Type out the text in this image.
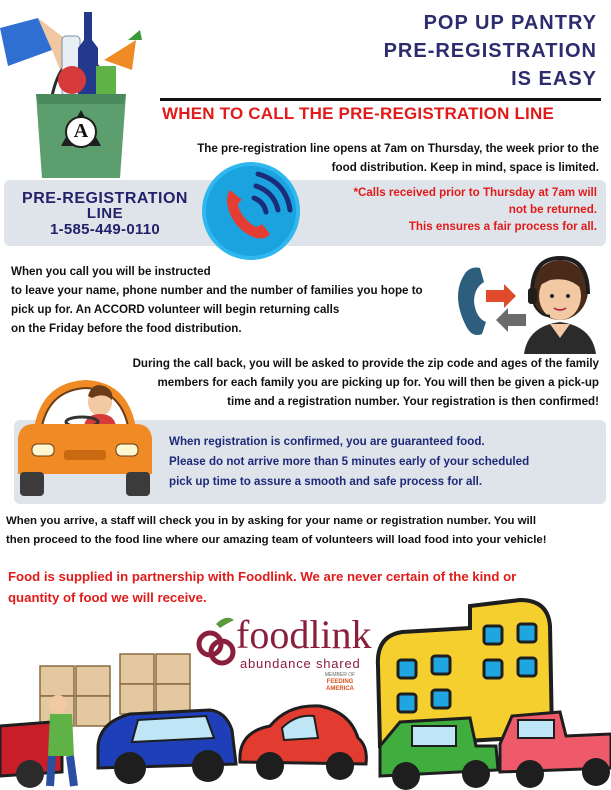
A
POP UP PANTRY
PRE-REGISTRATION
IS EASY
WHEN TO CALL THE PRE-REGISTRATION LINE
The pre-registration line opens at 7am on Thursday, the week prior to the
food distribution. Keep in mind, space is limited.
PRE-REGISTRATION
LINE
1-585-449-0110
*Calls received prior to Thursday at 7am will
not be returned.
This ensures a fair process for all.
When you call you will be instructed
to leave your name, phone number and the number of families you hope to
pick up for. An ACCORD volunteer will begin returning calls
on the Friday before the food distribution.
During the call back, you will be asked to provide the zip code and ages of the family
members for each family you are picking up for. You will then be given a pick-up
time and a registration number. Your registration is then confirmed!
When registration is confirmed, you are guaranteed food.
Please do not arrive more than 5 minutes early of your scheduled
pick up time to assure a smooth and safe process for all.
When you arrive, a staff will check you in by asking for your name or registration number. You will
then proceed to the food line where our amazing team of volunteers will load food into your vehicle!
Food is supplied in partnership with Foodlink. We are never certain of the kind or
quantity of food we will receive.
foodlink
abundance shared
MEMBER OF
FEEDING
AMERICA
